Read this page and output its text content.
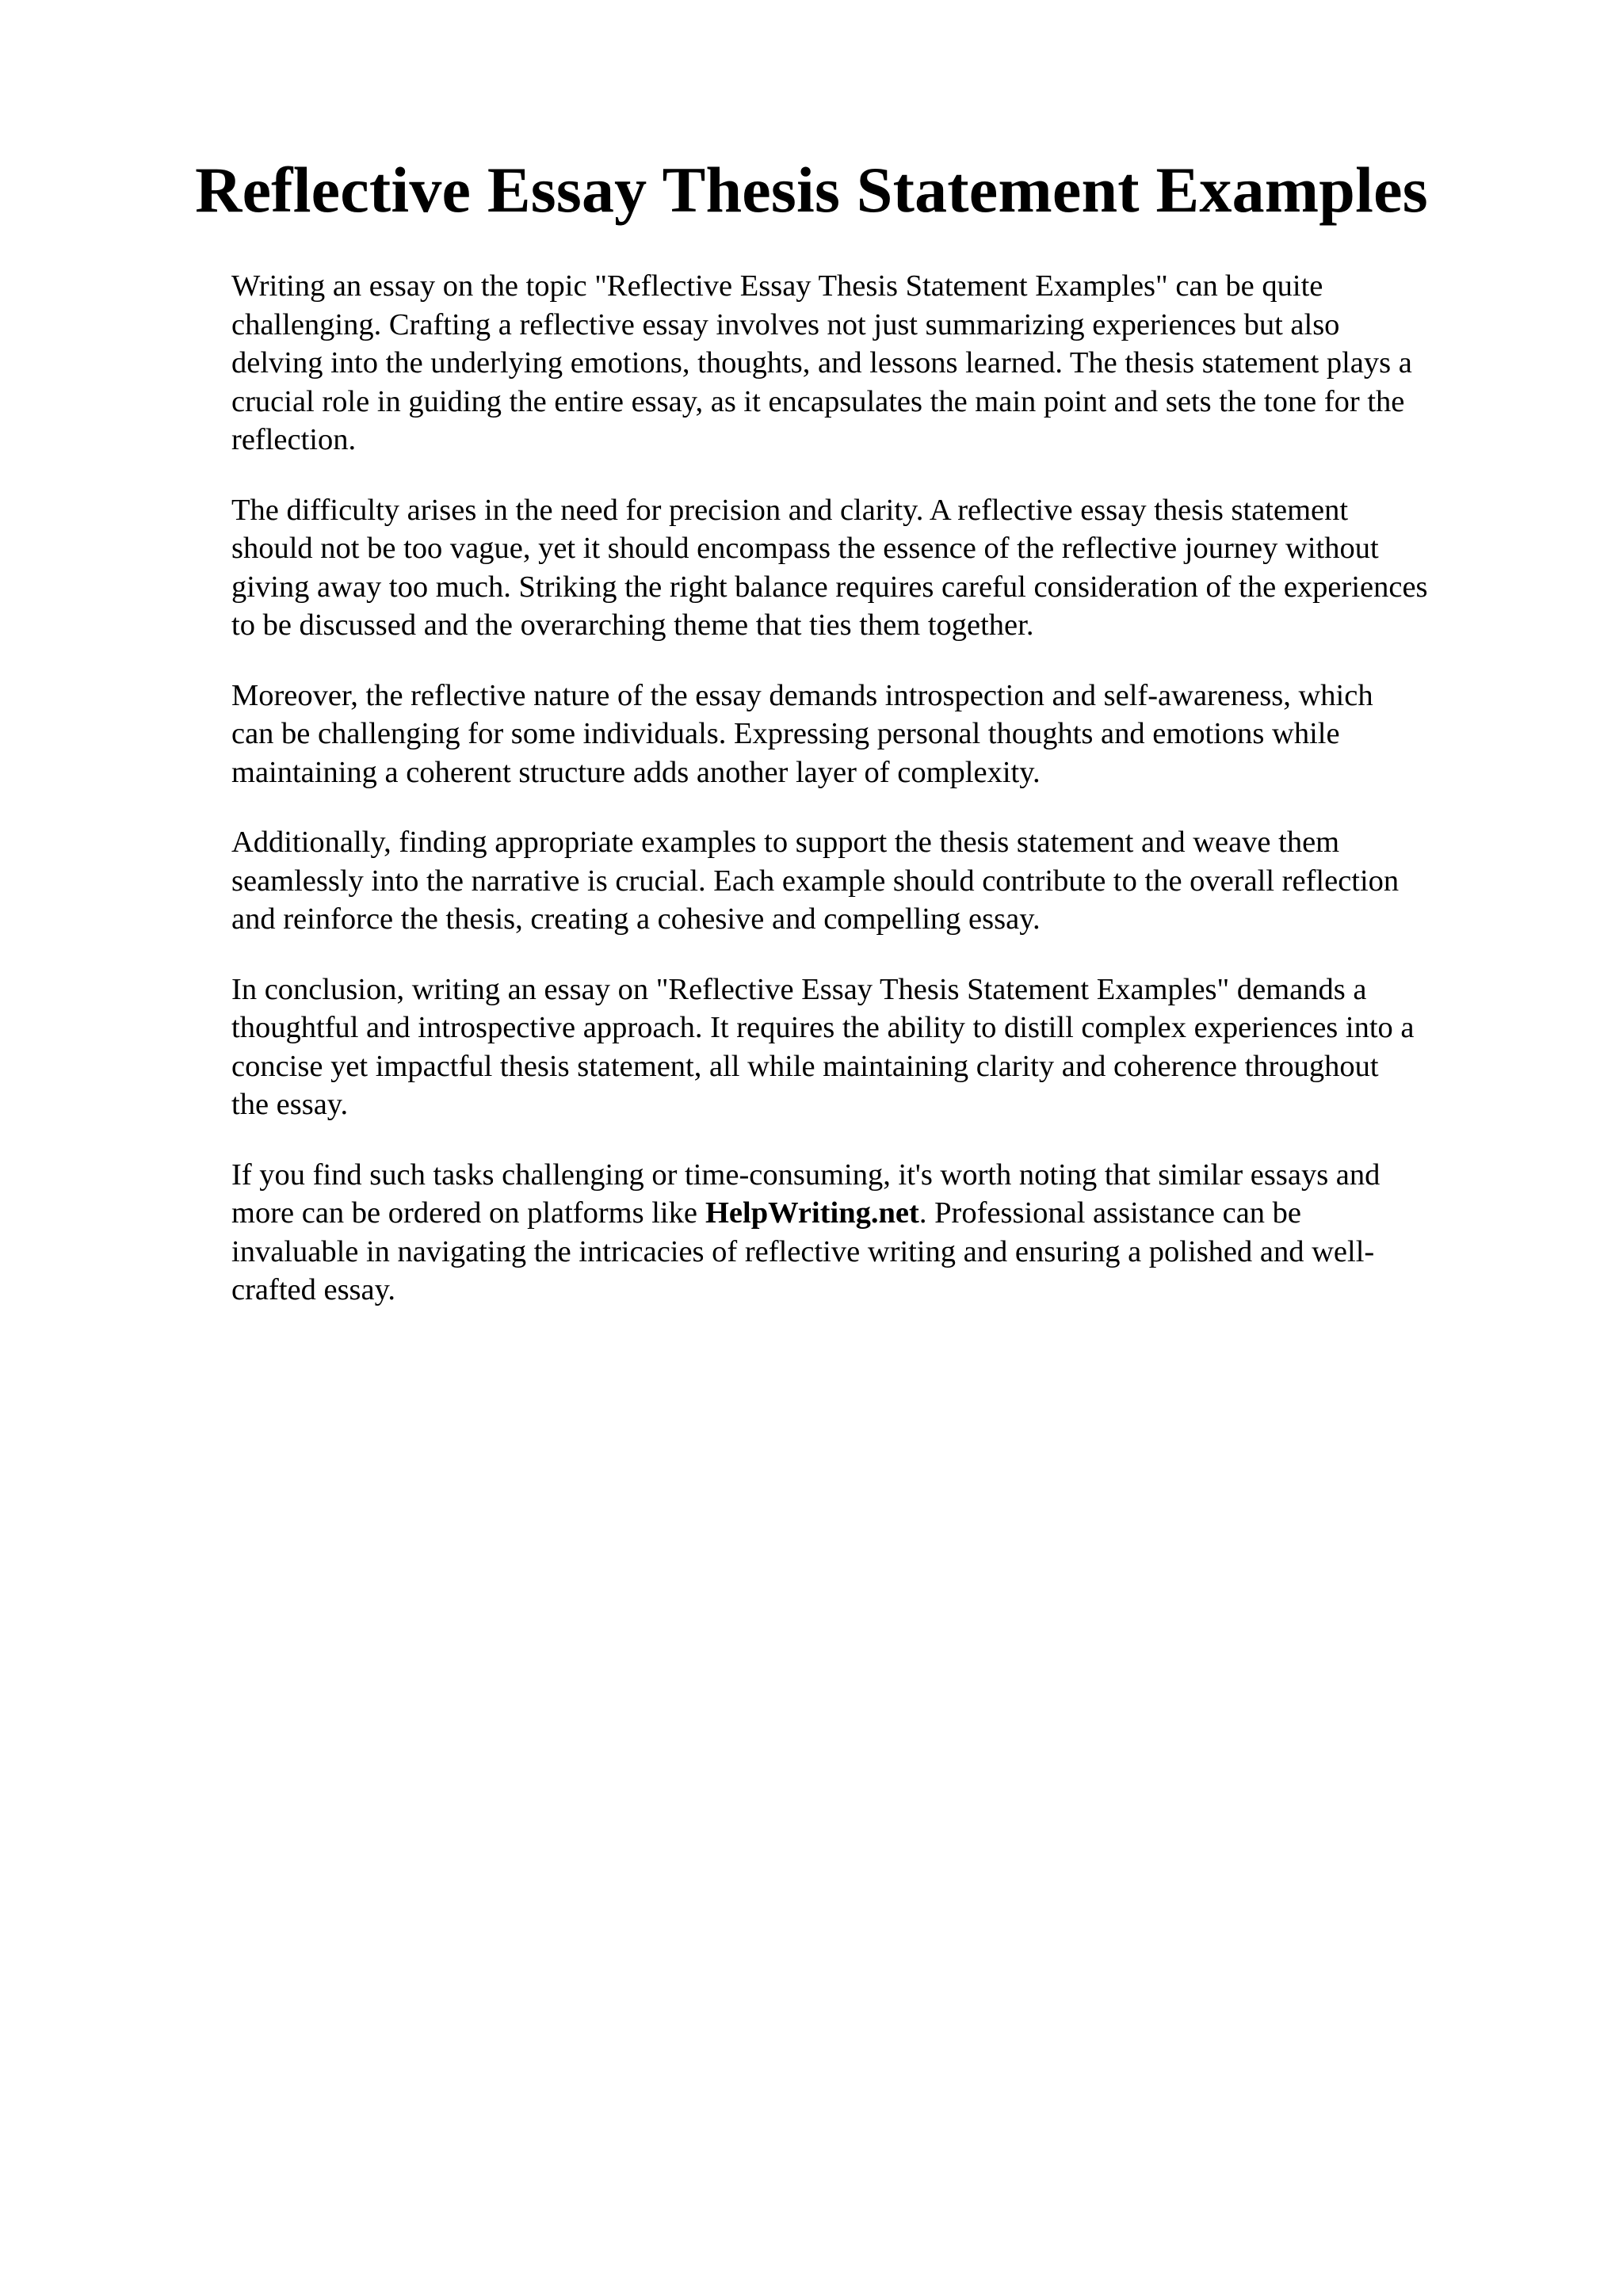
Reflective Essay Thesis Statement Examples

Writing an essay on the topic "Reflective Essay Thesis Statement Examples" can be quite
challenging. Crafting a reflective essay involves not just summarizing experiences but also
delving into the underlying emotions, thoughts, and lessons learned. The thesis statement plays a
crucial role in guiding the entire essay, as it encapsulates the main point and sets the tone for the
reflection.

The difficulty arises in the need for precision and clarity. A reflective essay thesis statement
should not be too vague, yet it should encompass the essence of the reflective journey without
giving away too much. Striking the right balance requires careful consideration of the experiences
to be discussed and the overarching theme that ties them together.

Moreover, the reflective nature of the essay demands introspection and self-awareness, which
can be challenging for some individuals. Expressing personal thoughts and emotions while
maintaining a coherent structure adds another layer of complexity.

Additionally, finding appropriate examples to support the thesis statement and weave them
seamlessly into the narrative is crucial. Each example should contribute to the overall reflection
and reinforce the thesis, creating a cohesive and compelling essay.

In conclusion, writing an essay on "Reflective Essay Thesis Statement Examples" demands a
thoughtful and introspective approach. It requires the ability to distill complex experiences into a
concise yet impactful thesis statement, all while maintaining clarity and coherence throughout
the essay.

If you find such tasks challenging or time-consuming, it's worth noting that similar essays and
more can be ordered on platforms like HelpWriting.net. Professional assistance can be
invaluable in navigating the intricacies of reflective writing and ensuring a polished and well-
crafted essay.
